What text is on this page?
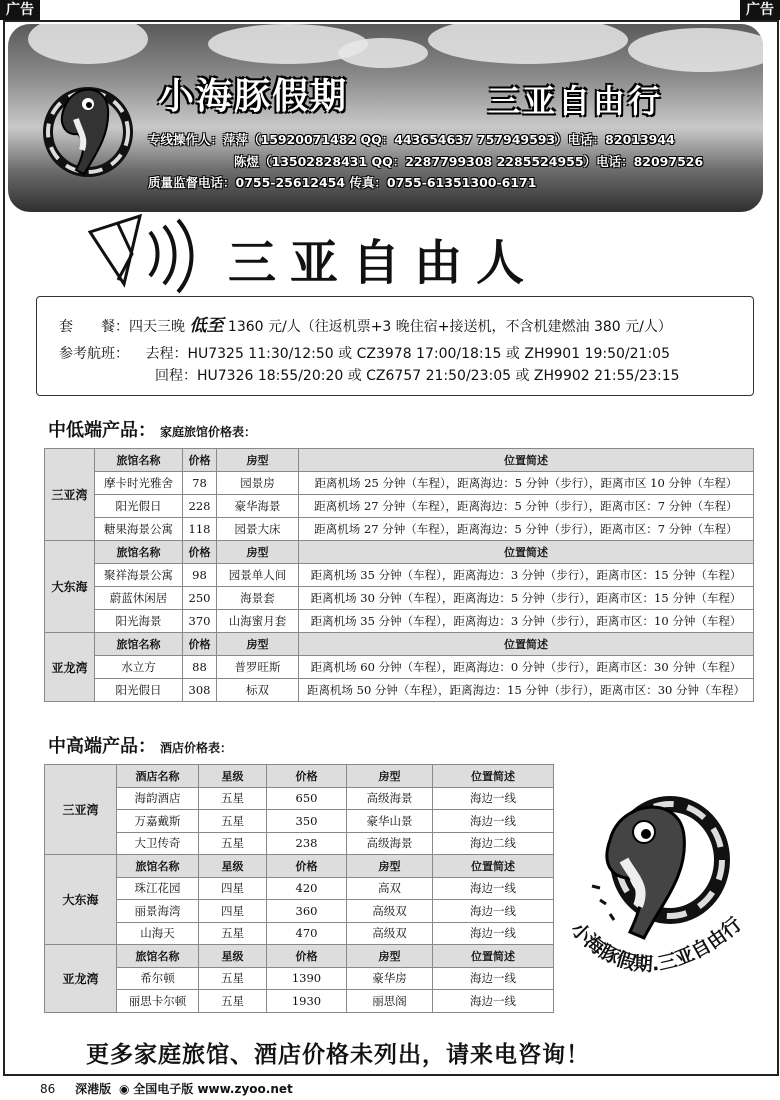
广告	广告
小海豚假期	三亚自由行
专线操作人：萍萍（15920071482 QQ：443654637 757949593）电话：82013944
陈煜（13502828431 QQ：2287799308 2285524955）电话：82097526
质量监督电话：0755-25612454 传真：0755-61351300-6171
三亚自由人
套　　餐：四天三晚 低至 1360 元/人（往返机票+3 晚住宿+接送机，不含机建燃油 380 元/人）
参考航班： 去程：HU7325 11:30/12:50 或 CZ3978 17:00/18:15 或 ZH9901 19:50/21:05
回程：HU7326 18:55/20:20 或 CZ6757 21:50/23:05 或 ZH9902 21:55/23:15
中低端产品： 家庭旅馆价格表：
三亚湾	旅馆名称	价格	房型	位置简述
	摩卡时光雅舍	78	园景房	距离机场 25 分钟（车程），距离海边：5 分钟（步行），距离市区 10 分钟（车程）
	阳光假日	228	豪华海景	距离机场 27 分钟（车程），距离海边：5 分钟（步行），距离市区：7 分钟（车程）
	糖果海景公寓	118	园景大床	距离机场 27 分钟（车程），距离海边：5 分钟（步行），距离市区：7 分钟（车程）
大东海	旅馆名称	价格	房型	位置简述
	聚祥海景公寓	98	园景单人间	距离机场 35 分钟（车程），距离海边：3 分钟（步行），距离市区：15 分钟（车程）
	蔚蓝休闲居	250	海景套	距离机场 30 分钟（车程），距离海边：5 分钟（步行），距离市区：15 分钟（车程）
	阳光海景	370	山海蜜月套	距离机场 35 分钟（车程），距离海边：3 分钟（步行），距离市区：10 分钟（车程）
亚龙湾	旅馆名称	价格	房型	位置简述
	水立方	88	普罗旺斯	距离机场 60 分钟（车程），距离海边：0 分钟（步行），距离市区：30 分钟（车程）
	阳光假日	308	标双	距离机场 50 分钟（车程），距离海边：15 分钟（步行），距离市区：30 分钟（车程）
中高端产品： 酒店价格表：
三亚湾	酒店名称	星级	价格	房型	位置简述
	海韵酒店	五星	650	高级海景	海边一线
	万嘉戴斯	五星	350	豪华山景	海边一线
	大卫传奇	五星	238	高级海景	海边二线
大东海	旅馆名称	星级	价格	房型	位置简述
	珠江花园	四星	420	高双	海边一线
	丽景海湾	四星	360	高级双	海边一线
	山海天	五星	470	高级双	海边一线
亚龙湾	旅馆名称	星级	价格	房型	位置简述
	希尔顿	五星	1390	豪华房	海边一线
	丽思卡尔顿	五星	1930	丽思阁	海边一线
小海豚假期.三亚自由行
更多家庭旅馆、酒店价格未列出，请来电咨询！
86 深港版 ◉ 全国电子版 www.zyoo.net
